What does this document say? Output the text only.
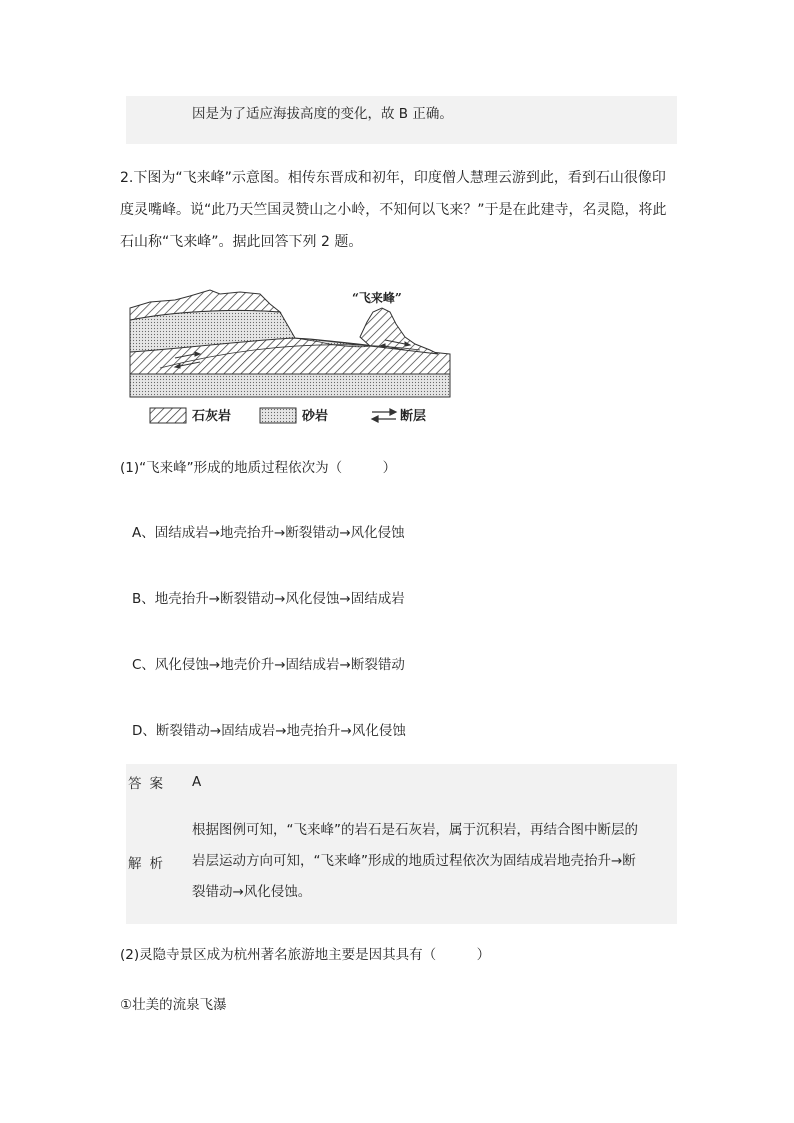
因是为了适应海拔高度的变化，故 B 正确。
2.下图为“飞来峰”示意图。相传东晋成和初年，印度僧人慧理云游到此，看到石山很像印
度灵嘴峰。说“此乃天竺国灵赞山之小岭，不知何以飞来？”于是在此建寺，名灵隐，将此
石山称“飞来峰”。据此回答下列 2 题。
“飞来峰”
石灰岩	砂岩	断层
(1)“飞来峰”形成的地质过程依次为（　　　）
A、固结成岩→地壳抬升→断裂错动→风化侵蚀
B、地壳抬升→断裂错动→风化侵蚀→固结成岩
C、风化侵蚀→地壳价升→固结成岩→断裂错动
D、断裂错动→固结成岩→地壳抬升→风化侵蚀
答案 A
解析
根据图例可知，“飞来峰”的岩石是石灰岩，属于沉积岩，再结合图中断层的
岩层运动方向可知，“飞来峰”形成的地质过程依次为固结成岩地壳抬升→断
裂错动→风化侵蚀。
(2)灵隐寺景区成为杭州著名旅游地主要是因其具有（　　　）
①壮美的流泉飞瀑
